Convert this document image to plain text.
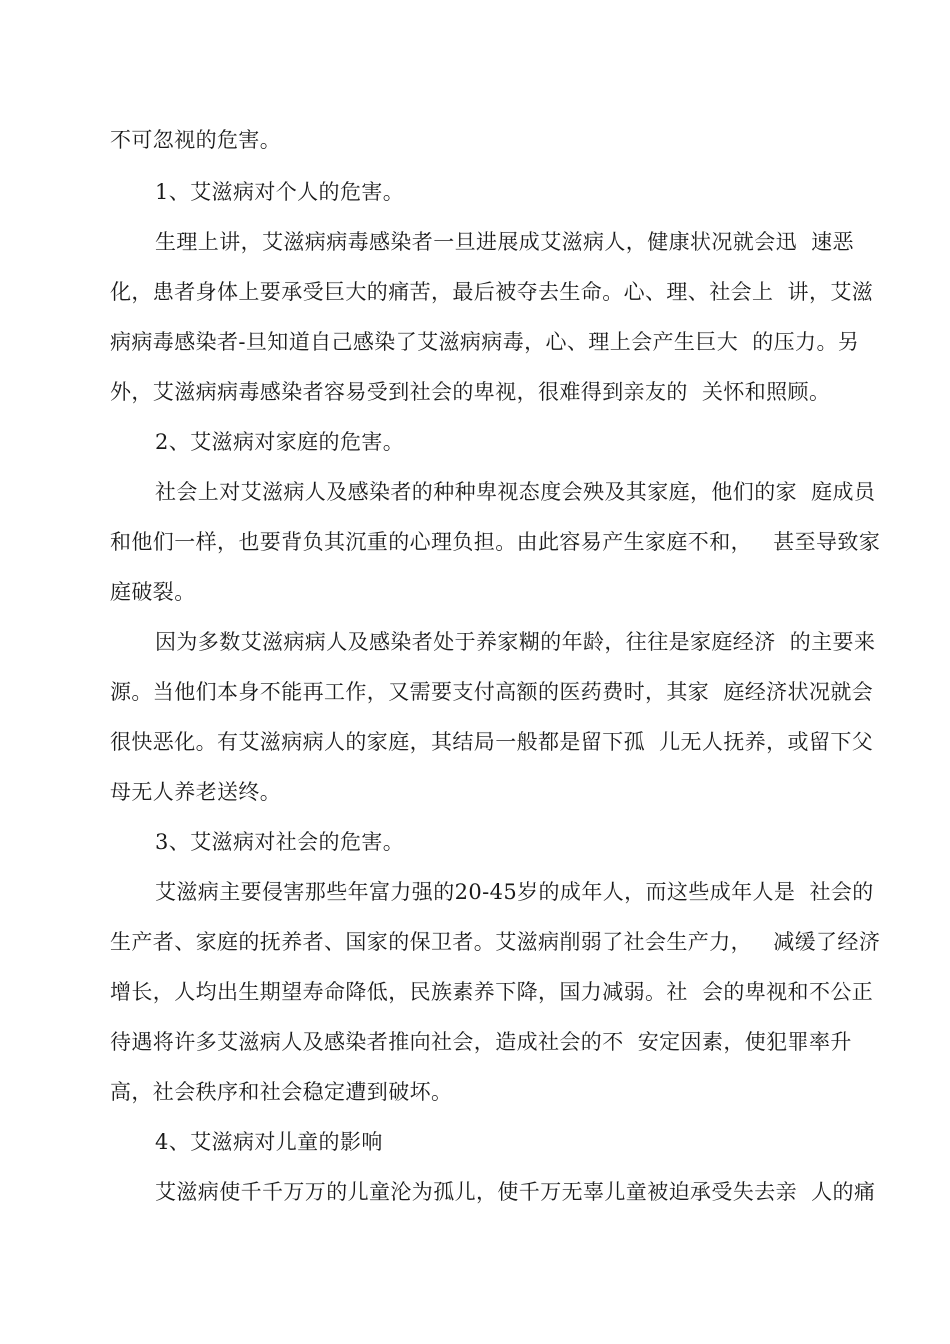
不可忽视的危害。
1、艾滋病对个人的危害。
生理上讲，艾滋病病毒感染者一旦进展成艾滋病人，健康状况就会迅  速恶
化，患者身体上要承受巨大的痛苦，最后被夺去生命。心、理、社会上  讲，艾滋
病病毒感染者-旦知道自己感染了艾滋病病毒，心、理上会产生巨大  的压力。另
外，艾滋病病毒感染者容易受到社会的卑视，很难得到亲友的  关怀和照顾。
2、艾滋病对家庭的危害。
社会上对艾滋病人及感染者的种种卑视态度会殃及其家庭，他们的家  庭成员
和他们一样，也要背负其沉重的心理负担。由此容易产生家庭不和，   甚至导致家
庭破裂。
因为多数艾滋病病人及感染者处于养家糊的年龄，往往是家庭经济  的主要来
源。当他们本身不能再工作，又需要支付高额的医药费时，其家  庭经济状况就会
很快恶化。有艾滋病病人的家庭，其结局一般都是留下孤  儿无人抚养，或留下父
母无人养老送终。
3、艾滋病对社会的危害。
艾滋病主要侵害那些年富力强的20-45岁的成年人，而这些成年人是  社会的
生产者、家庭的抚养者、国家的保卫者。艾滋病削弱了社会生产力，   减缓了经济
增长，人均出生期望寿命降低，民族素养下降，国力减弱。社  会的卑视和不公正
待遇将许多艾滋病人及感染者推向社会，造成社会的不  安定因素，使犯罪率升
高，社会秩序和社会稳定遭到破坏。
4、艾滋病对儿童的影响
艾滋病使千千万万的儿童沦为孤儿，使千万无辜儿童被迫承受失去亲  人的痛
